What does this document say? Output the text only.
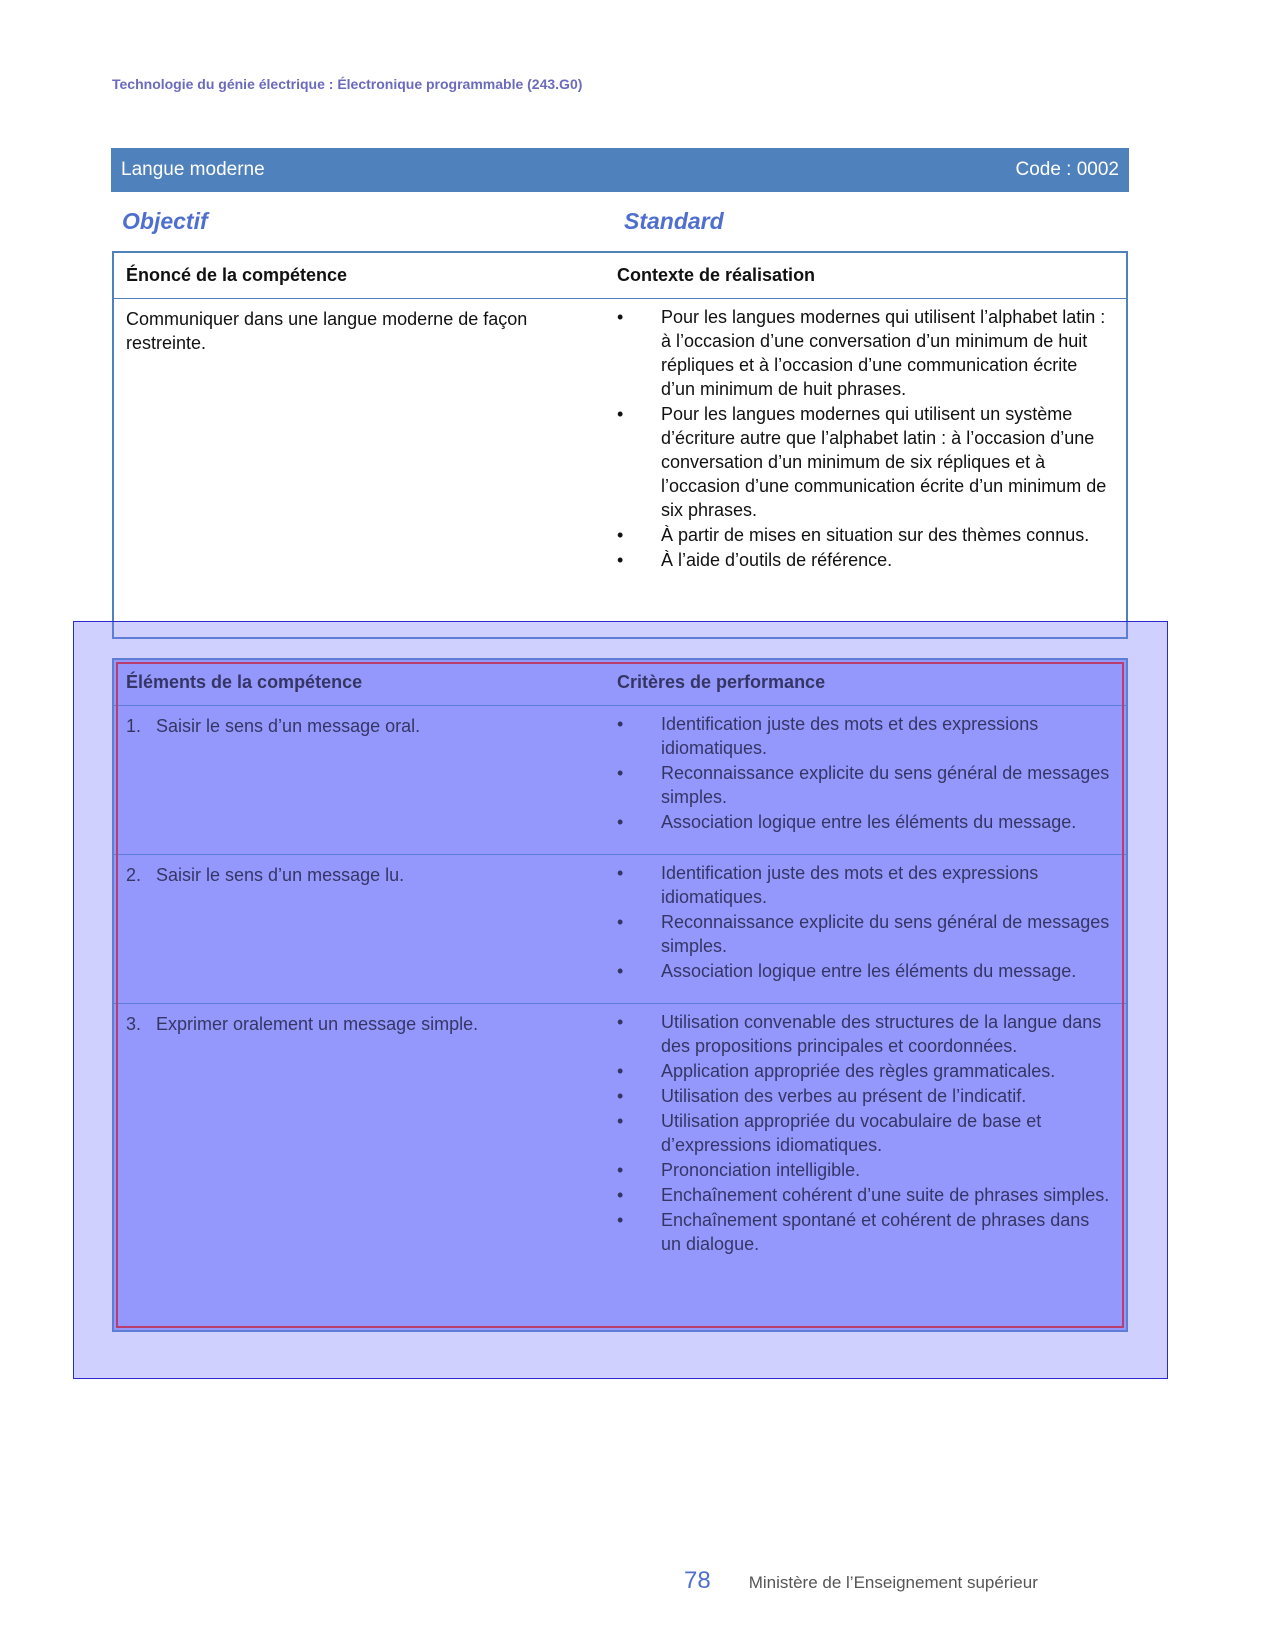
Technologie du génie électrique : Électronique programmable (243.G0)
Langue moderne	Code : 0002
Objectif	Standard
Énoncé de la compétence	Contexte de réalisation
Communiquer dans une langue moderne de façon restreinte.
•	Pour les langues modernes qui utilisent l’alphabet latin : à l’occasion d’une conversation d’un minimum de huit répliques et à l’occasion d’une communication écrite d’un minimum de huit phrases.
•	Pour les langues modernes qui utilisent un système d’écriture autre que l’alphabet latin : à l’occasion d’une conversation d’un minimum de six répliques et à l’occasion d’une communication écrite d’un minimum de six phrases.
•	À partir de mises en situation sur des thèmes connus.
•	À l’aide d’outils de référence.
Éléments de la compétence	Critères de performance
1. Saisir le sens d’un message oral.	•	Identification juste des mots et des expressions idiomatiques.
•	Reconnaissance explicite du sens général de messages simples.
•	Association logique entre les éléments du message.
2. Saisir le sens d’un message lu.	•	Identification juste des mots et des expressions idiomatiques.
•	Reconnaissance explicite du sens général de messages simples.
•	Association logique entre les éléments du message.
3. Exprimer oralement un message simple.	•	Utilisation convenable des structures de la langue dans des propositions principales et coordonnées.
•	Application appropriée des règles grammaticales.
•	Utilisation des verbes au présent de l’indicatif.
•	Utilisation appropriée du vocabulaire de base et d’expressions idiomatiques.
•	Prononciation intelligible.
•	Enchaînement cohérent d’une suite de phrases simples.
•	Enchaînement spontané et cohérent de phrases dans un dialogue.
78 Ministère de l’Enseignement supérieur
